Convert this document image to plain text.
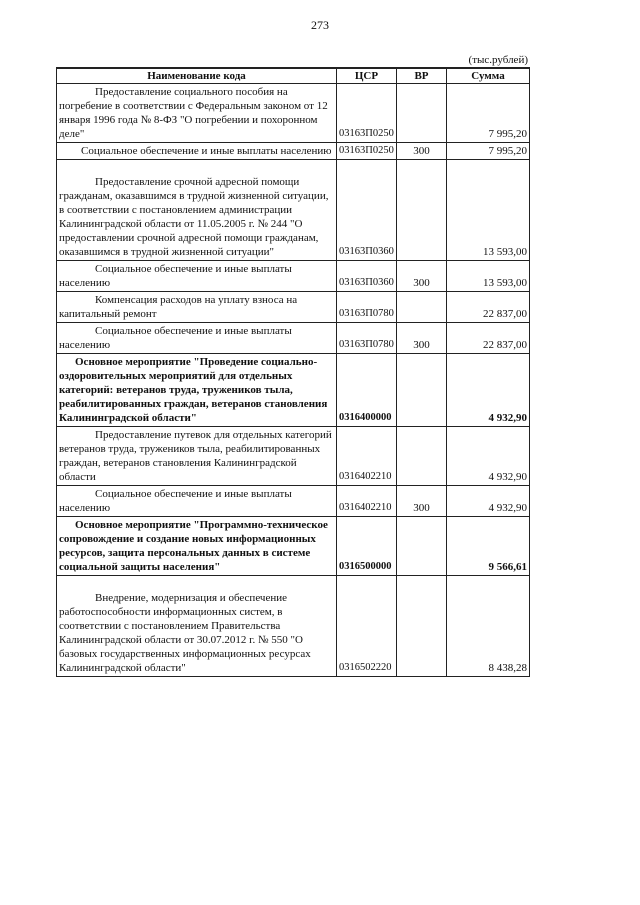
273
(тыс.рублей)
Наименование кода	ЦСР	ВР	Сумма

Предоставление социального пособия на погребение в соответствии с Федеральным законом от 12 января 1996 года № 8-ФЗ "О погребении и похоронном деле"	03163П0250		7 995,20

Социальное обеспечение и иные выплаты населению	03163П0250	300	7 995,20

Предоставление срочной адресной помощи гражданам, оказавшимся в трудной жизненной ситуации, в соответствии с постановлением администрации Калининградской области от 11.05.2005 г. № 244 "О предоставлении срочной адресной помощи гражданам, оказавшимся в трудной жизненной ситуации"	03163П0360		13 593,00

Социальное обеспечение и иные выплаты населению	03163П0360	300	13 593,00

Компенсация расходов на уплату взноса на капитальный ремонт	03163П0780		22 837,00

Социальное обеспечение и иные выплаты населению	03163П0780	300	22 837,00

Основное мероприятие "Проведение социально-оздоровительных мероприятий для отдельных категорий: ветеранов труда, тружеников тыла, реабилитированных граждан, ветеранов становления Калининградской области"	0316400000		4 932,90

Предоставление путевок для отдельных категорий ветеранов труда, тружеников тыла, реабилитированных граждан, ветеранов становления Калининградской области	0316402210		4 932,90

Социальное обеспечение и иные выплаты населению	0316402210	300	4 932,90

Основное мероприятие "Программно-техническое сопровождение и создание новых информационных ресурсов, защита персональных данных в системе социальной защиты населения"	0316500000		9 566,61

Внедрение, модернизация и обеспечение работоспособности информационных систем, в соответствии с постановлением Правительства Калининградской области от 30.07.2012 г. № 550 "О базовых государственных информационных ресурсах Калининградской области"	0316502220		8 438,28
